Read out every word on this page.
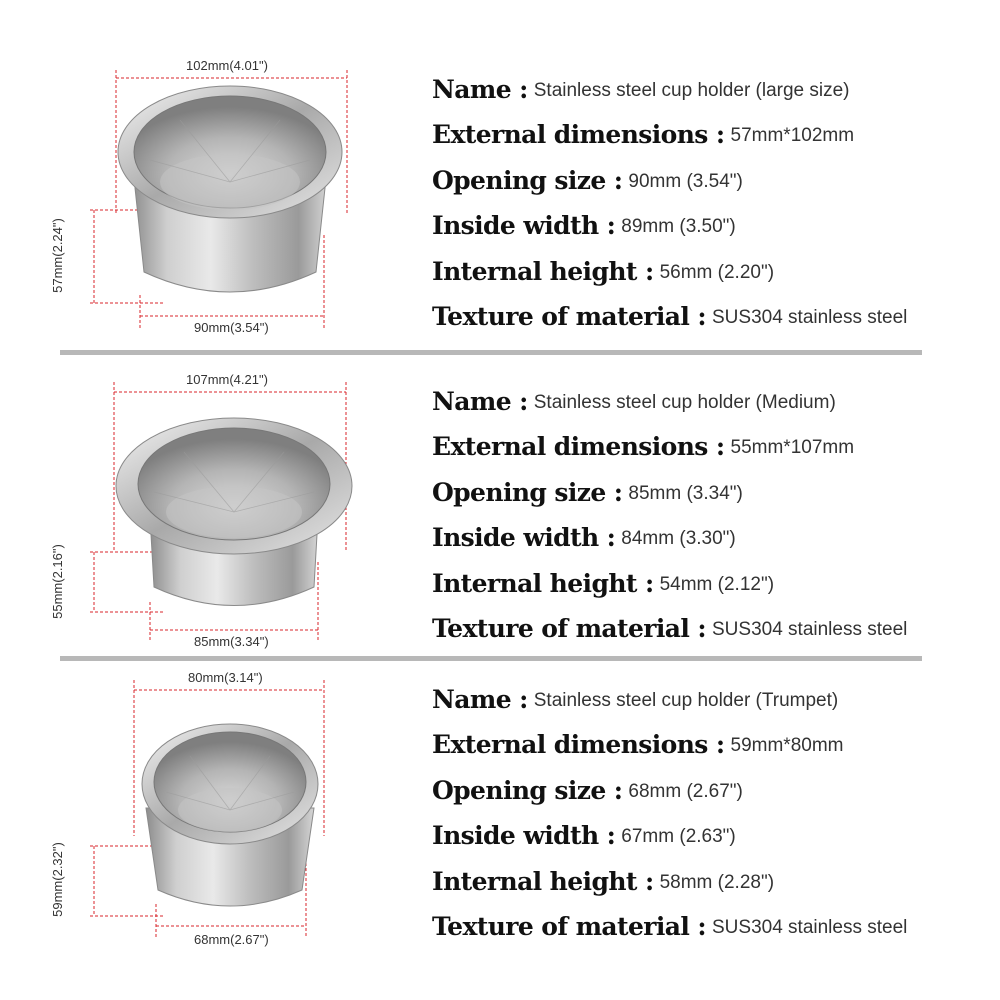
102mm(4.01")
57mm(2.24")
90mm(3.54")
Name : Stainless steel cup holder (large size)
External dimensions : 57mm*102mm
Opening size : 90mm (3.54")
Inside width : 89mm (3.50")
Internal height : 56mm (2.20")
Texture of material : SUS304 stainless steel
107mm(4.21")
55mm(2.16")
85mm(3.34")
Name : Stainless steel cup holder (Medium)
External dimensions : 55mm*107mm
Opening size : 85mm (3.34")
Inside width : 84mm (3.30")
Internal height : 54mm (2.12")
Texture of material : SUS304 stainless steel
80mm(3.14")
59mm(2.32")
68mm(2.67")
Name : Stainless steel cup holder (Trumpet)
External dimensions : 59mm*80mm
Opening size : 68mm (2.67")
Inside width : 67mm (2.63")
Internal height : 58mm (2.28")
Texture of material : SUS304 stainless steel
